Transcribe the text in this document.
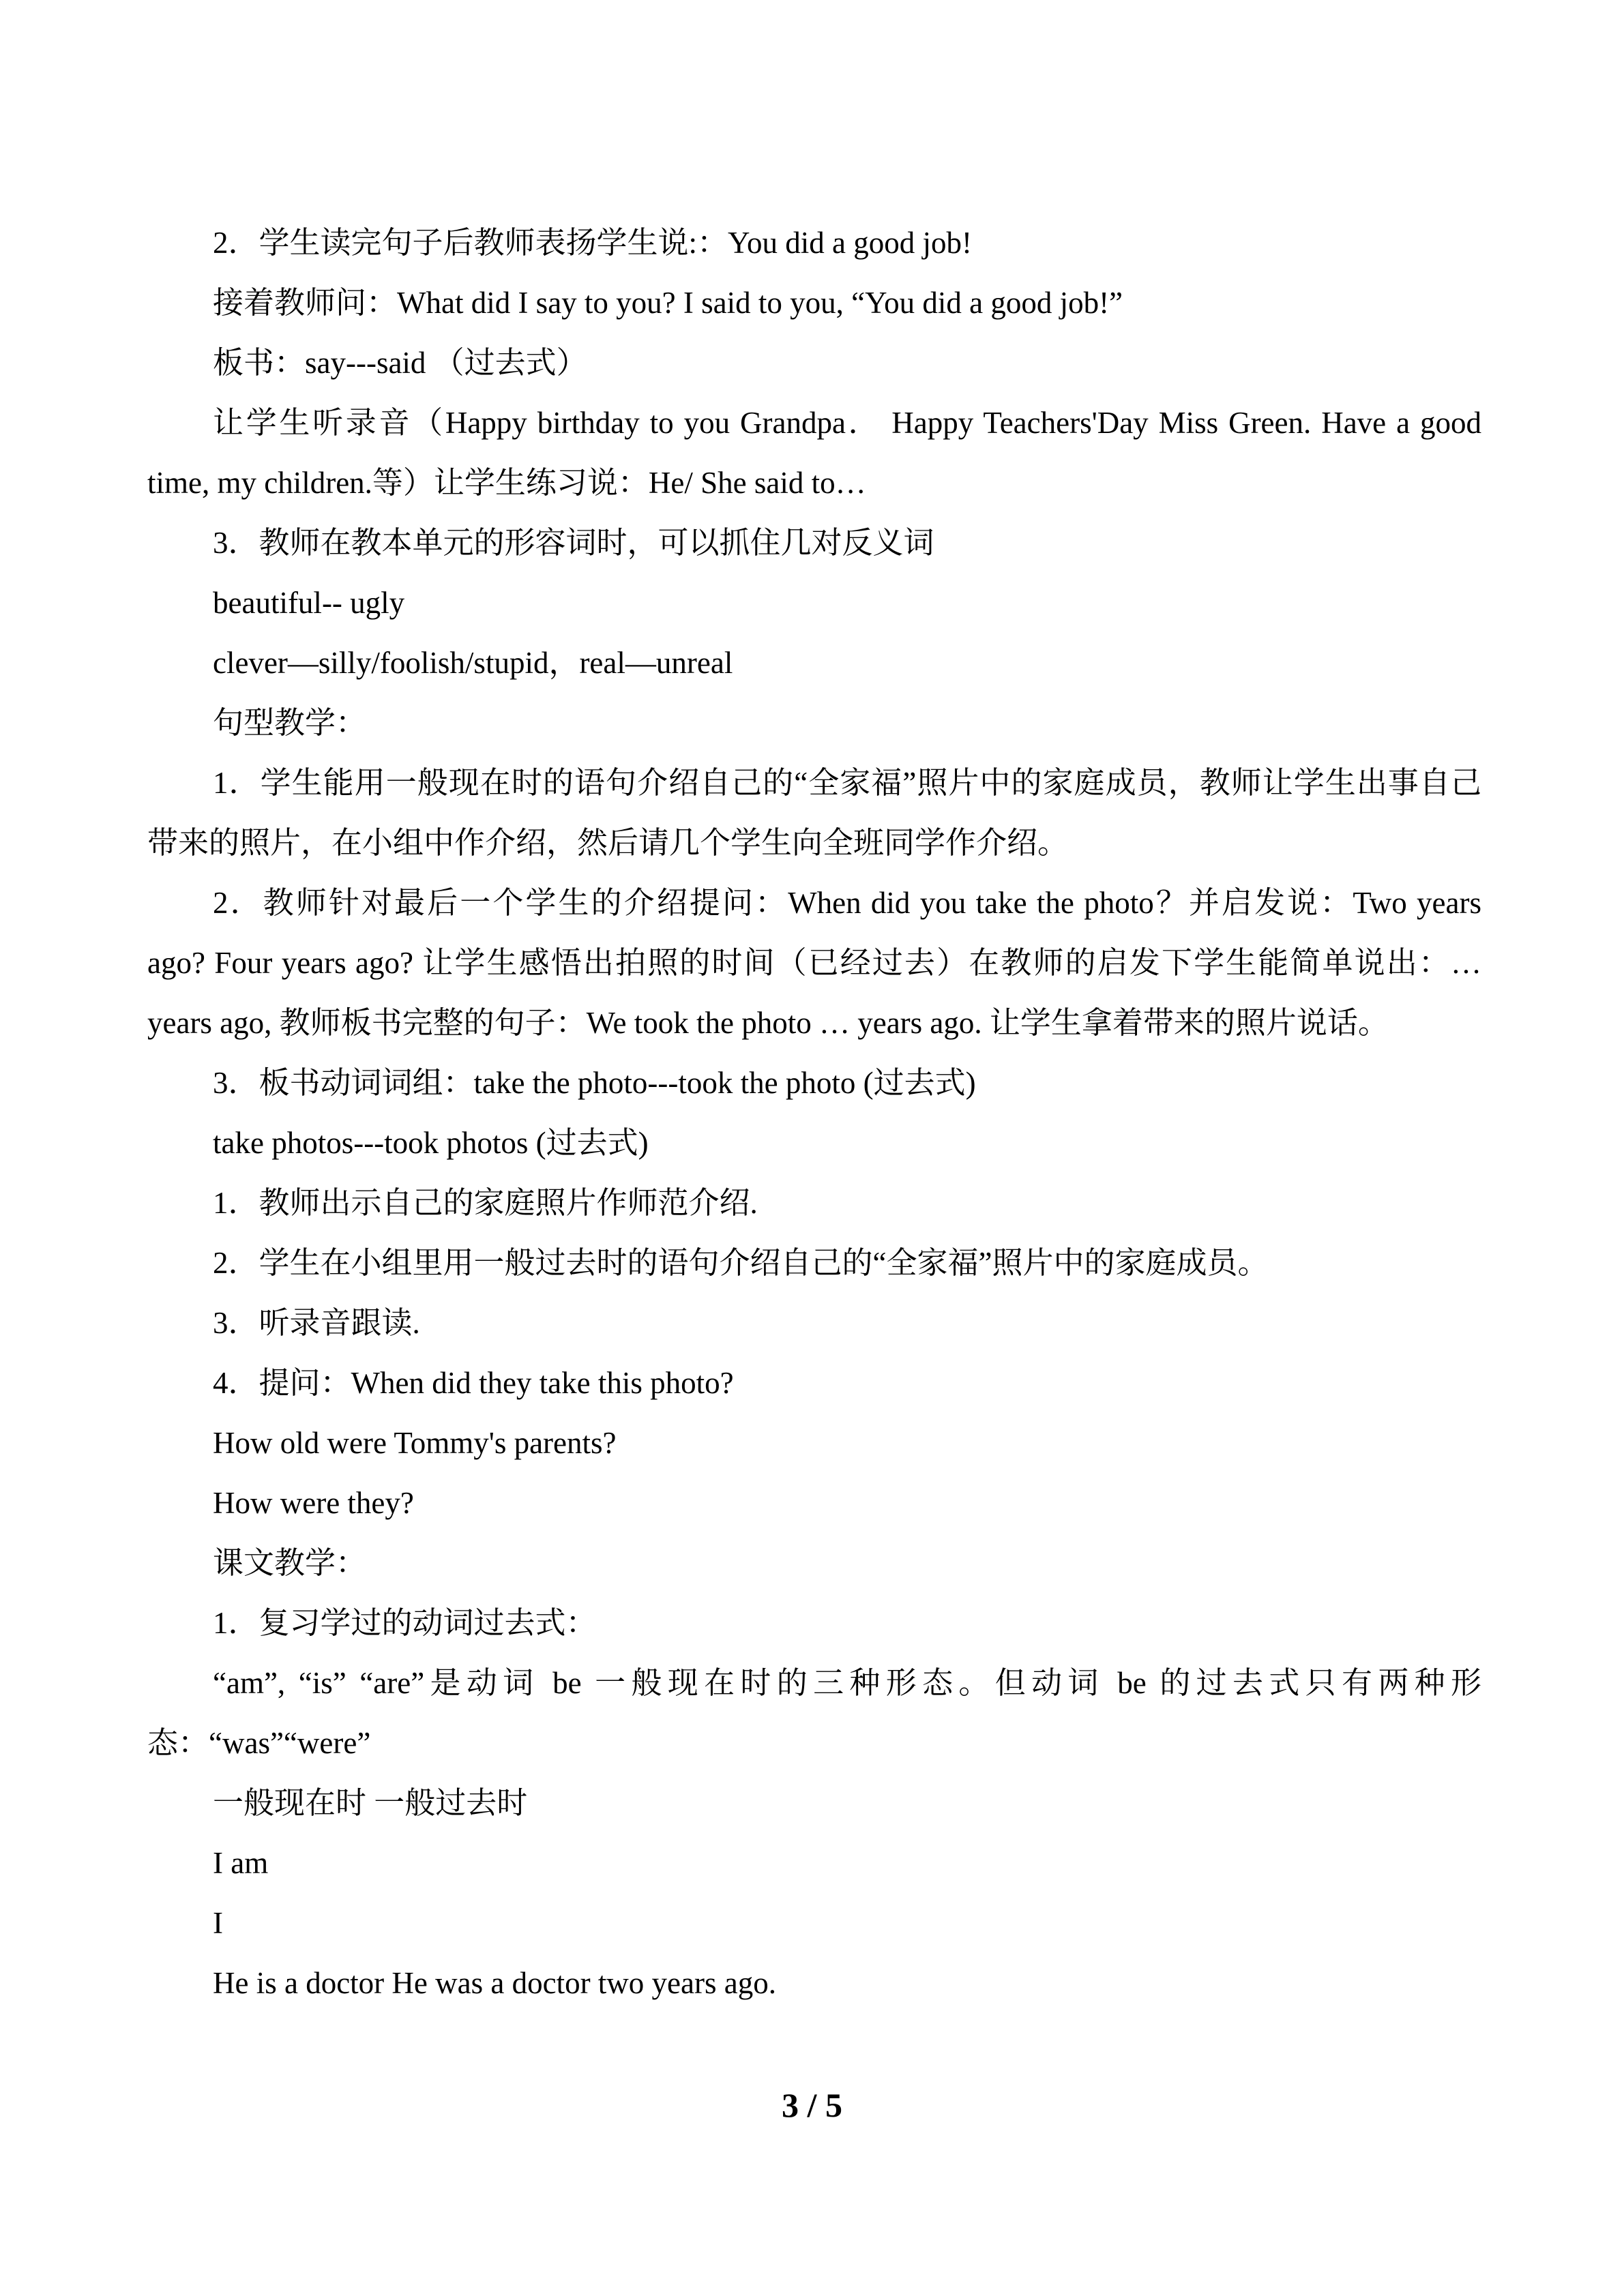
2．学生读完句子后教师表扬学生说:：You did a good job!

接着教师问：What did I say to you? I said to you, “You did a good job!”

板书：say---said （过去式）

让学生听录音（Happy birthday to you Grandpa． Happy Teachers'Day Miss Green. Have a good time, my children.等）让学生练习说：He/ She said to…

3．教师在教本单元的形容词时，可以抓住几对反义词

beautiful-- ugly

clever—silly/foolish/stupid，real—unreal

句型教学：

1．学生能用一般现在时的语句介绍自己的“全家福”照片中的家庭成员，教师让学生出事自己带来的照片，在小组中作介绍，然后请几个学生向全班同学作介绍。

2．教师针对最后一个学生的介绍提问：When did you take the photo？并启发说：Two years ago? Four years ago? 让学生感悟出拍照的时间（已经过去）在教师的启发下学生能简单说出：…years ago, 教师板书完整的句子：We took the photo … years ago. 让学生拿着带来的照片说话。

3．板书动词词组：take the photo---took the photo (过去式)

take photos---took photos (过去式)

1．教师出示自己的家庭照片作师范介绍.

2．学生在小组里用一般过去时的语句介绍自己的“全家福”照片中的家庭成员。

3．听录音跟读.

4．提问：When did they take this photo?

How old were Tommy's parents?

How were they?

课文教学：

1．复习学过的动词过去式：

“am”, “is” “are”是动词 be 一般现在时的三种形态。但动词 be 的过去式只有两种形态：“was”“were”

一般现在时 一般过去时

I am

I

He is a doctor He was a doctor two years ago.

3 / 5
